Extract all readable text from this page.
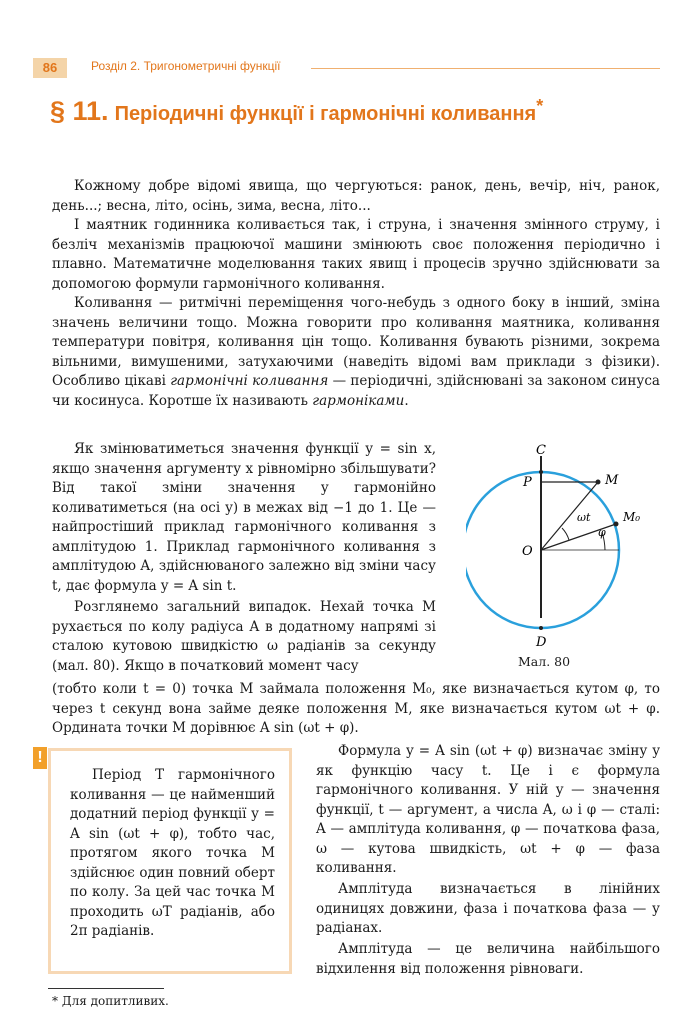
86	Розділ 2. Тригонометричні функції
§ 11. Періодичні функції і гармонічні коливання*

Кожному добре відомі явища, що чергуються: ранок, день, вечір, ніч, ранок, день...; весна, літо, осінь, зима, весна, літо...

І маятник годинника коливається так, і струна, і значення змінного струму, і безліч механізмів працюючої машини змінюють своє положення періодично і плавно. Математичне моделювання таких явищ і процесів зручно здійснювати за допомогою формули гармонічного коливання.

Коливання — ритмічні переміщення чого-небудь з одного боку в інший, зміна значень величини тощо. Можна говорити про коливання маятника, коливання температури повітря, коливання цін тощо. Коливання бувають різними, зокрема вільними, вимушеними, затухаючими (наведіть відомі вам приклади з фізики). Особливо цікаві гармонічні коливання — періодичні, здійснювані за законом синуса чи косинуса. Коротше їх називають гармоніками.

Як змінюватиметься значення функції y = sin x, якщо значення аргументу x рівномірно збільшувати? Від такої зміни значення y гармонійно коливатиметься (на осі y) в межах від −1 до 1. Це — найпростіший приклад гармонічного коливання з амплітудою 1. Приклад гармонічного коливання з амплітудою A, здійснюваного залежно від зміни часу t, дає формула y = A sin t.

Розглянемо загальний випадок. Нехай точка M рухається по колу радіуса A в додатному напрямі зі сталою кутовою швидкістю ω радіанів за секунду (мал. 80). Якщо в початковий момент часу

(тобто коли t = 0) точка M займала положення M₀, яке визначається кутом φ, то через t секунд вона займе деяке положення M, яке визначається кутом ωt + φ. Ордината точки M дорівнює A sin (ωt + φ).

C
P	M
M₀
O
ωt
φ
D
Мал. 80
!

Період T гармонічного коливання — це найменший додатний період функції y = A sin (ωt + φ), тобто час, протягом якого точка M здійснює один повний оберт по колу. За цей час точка M проходить ωT радіанів, або 2π радіанів.

Формула y = A sin (ωt + φ) визначає зміну y як функцію часу t. Це і є формула гармонічного коливання. У ній y — значення функції, t — аргумент, а числа A, ω і φ — сталі: A — амплітуда коливання, φ — початкова фаза, ω — кутова швидкість, ωt + φ — фаза коливання.

Амплітуда визначається в лінійних одиницях довжини, фаза і початкова фаза — у радіанах.

Амплітуда — це величина найбільшого відхилення від положення рівноваги.

* Для допитливих.
